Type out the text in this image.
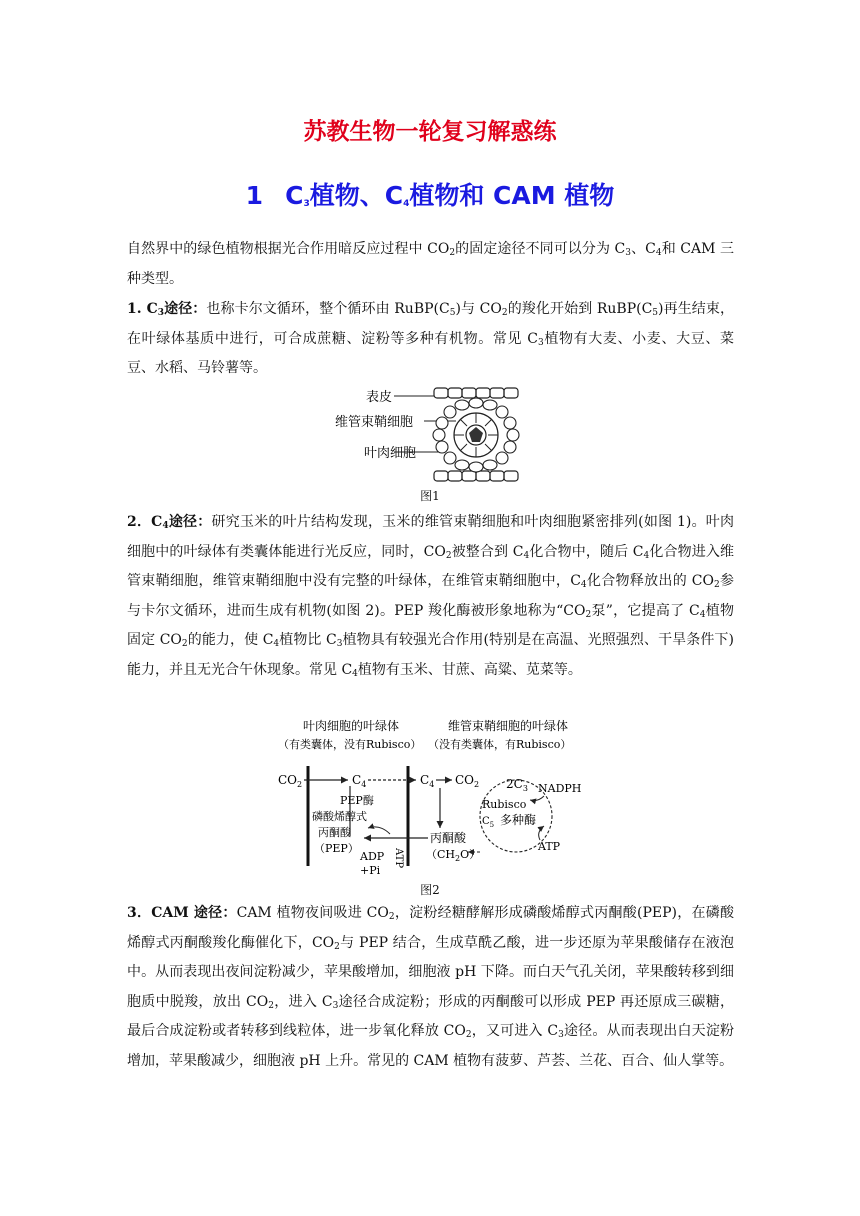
苏教生物一轮复习解惑练
1 $C_3$植物、$C_4$植物和 CAM 植物

自然界中的绿色植物根据光合作用暗反应过程中 $CO_2$的固定途径不同可以分为 $C_3$、$C_4$和 CAM 三种类型。

1. $C_3$途径：也称卡尔文循环，整个循环由 $RuBP(C_5)$与 $CO_2$的羧化开始到 $RuBP(C_5)$再生结束，在叶绿体基质中进行，可合成蔗糖、淀粉等多种有机物。常见 $C_3$植物有大麦、小麦、大豆、菜豆、水稻、马铃薯等。

表皮
维管束鞘细胞
叶肉细胞
图1

2．$C_4$途径：研究玉米的叶片结构发现，玉米的维管束鞘细胞和叶肉细胞紧密排列(如图 1)。叶肉细胞中的叶绿体有类囊体能进行光反应，同时，$CO_2$被整合到 $C_4$化合物中，随后 $C_4$化合物进入维管束鞘细胞，维管束鞘细胞中没有完整的叶绿体，在维管束鞘细胞中，$C_4$化合物释放出的 $CO_2$参与卡尔文循环，进而生成有机物(如图 2)。PEP 羧化酶被形象地称为“$CO_2$泵”，它提高了 $C_4$植物固定 $CO_2$的能力，使 $C_4$植物比 $C_3$植物具有较强光合作用(特别是在高温、光照强烈、干旱条件下)能力，并且无光合午休现象。常见 $C_4$植物有玉米、甘蔗、高粱、苋菜等。

叶肉细胞的叶绿体
（有类囊体，没有Rubisco）
维管束鞘细胞的叶绿体
（没有类囊体，有Rubisco）
$CO_2$	$C_4$	$C_4$ $CO_2$
PEP酶
磷酸烯醇式
丙酮酸
（PEP）
ADP
+Pi
ATP
丙酮酸
$(CH_2O)$
$2C_3$
Rubisco
$C_5$ 多种酶
NADPH
ATP
图2

3．CAM 途径：CAM 植物夜间吸进 $CO_2$，淀粉经糖酵解形成磷酸烯醇式丙酮酸(PEP)，在磷酸烯醇式丙酮酸羧化酶催化下，$CO_2$与 PEP 结合，生成草酰乙酸，进一步还原为苹果酸储存在液泡中。从而表现出夜间淀粉减少，苹果酸增加，细胞液 pH 下降。而白天气孔关闭，苹果酸转移到细胞质中脱羧，放出 $CO_2$，进入 $C_3$途径合成淀粉；形成的丙酮酸可以形成 PEP 再还原成三碳糖，最后合成淀粉或者转移到线粒体，进一步氧化释放 $CO_2$，又可进入 $C_3$途径。从而表现出白天淀粉增加，苹果酸减少，细胞液 pH 上升。常见的 CAM 植物有菠萝、芦荟、兰花、百合、仙人掌等。
